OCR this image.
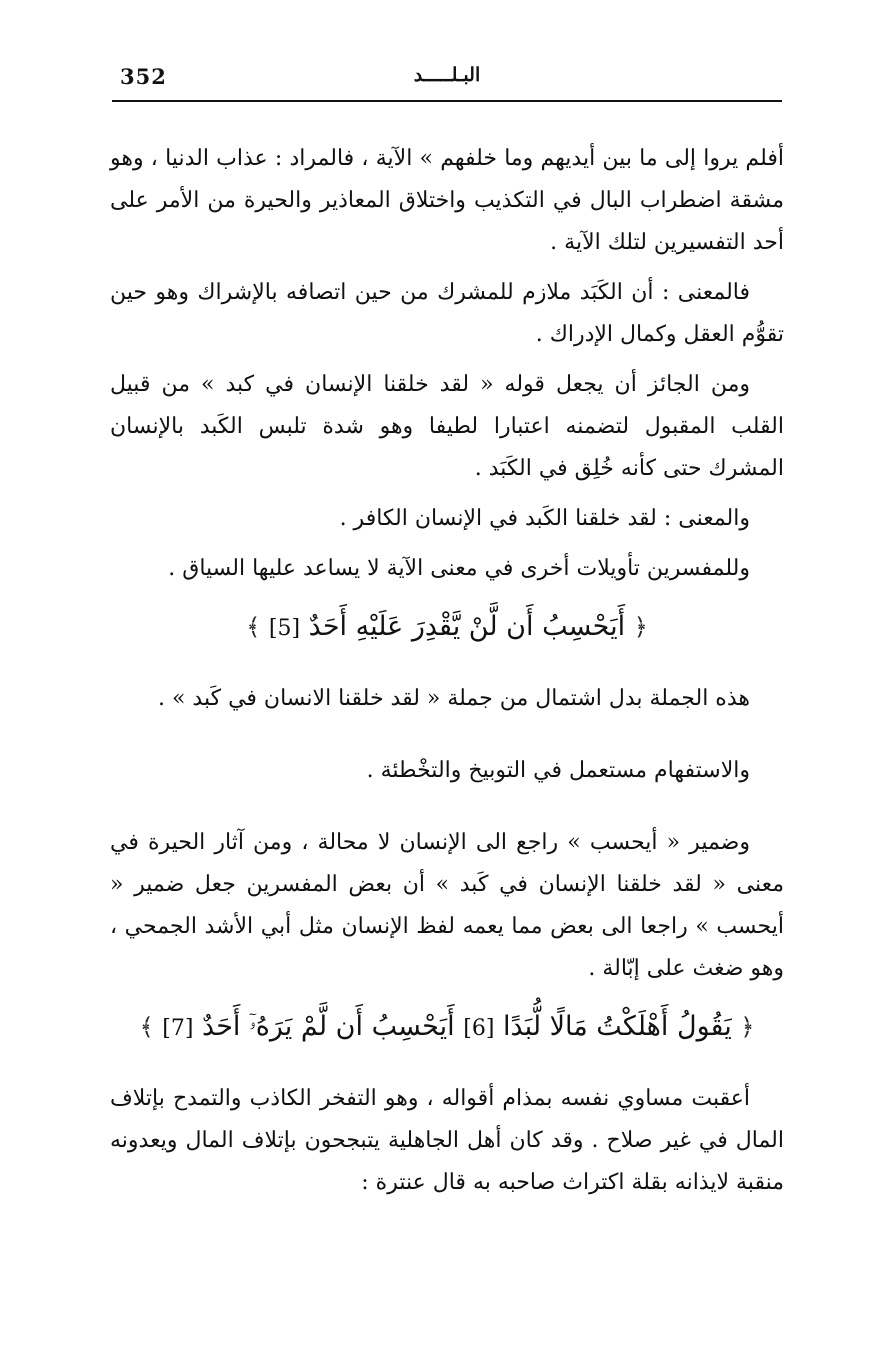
352	البـلـــــد

أفلم يروا إلى ما بين أيديهم وما خلفهم » الآية ، فالمراد : عذاب الدنيا ، وهو مشقة اضطراب البال في التكذيب واختلاق المعاذير والحيرة من الأمر على أحد التفسيرين لتلك الآية .

فالمعنى : أن الكَبَد ملازم للمشرك من حين اتصافه بالإشراك وهو حين تقوُّم العقل وكمال الإدراك .

ومن الجائز أن يجعل قوله « لقد خلقنا الإنسان في كبد » من قبيل القلب المقبول لتضمنه اعتبارا لطيفا وهو شدة تلبس الكَبد بالإنسان المشرك حتى كأنه خُلِق في الكَبَد .

والمعنى : لقد خلقنا الكَبد في الإنسان الكافر .

وللمفسرين تأويلات أخرى في معنى الآية لا يساعد عليها السياق .

﴿ أَيَحْسِبُ أَن لَّنْ يَّقْدِرَ عَلَيْهِ أَحَدٌ [5] ﴾

هذه الجملة بدل اشتمال من جملة « لقد خلقنا الانسان في كَبد » .

والاستفهام مستعمل في التوبيخ والتخْطئة .

وضمير « أيحسب » راجع الى الإنسان لا محالة ، ومن آثار الحيرة في معنى « لقد خلقنا الإنسان في كَبد » أن بعض المفسرين جعل ضمير « أيحسب » راجعا الى بعض مما يعمه لفظ الإنسان مثل أبي الأشد الجمحي ، وهو ضغث على إبّالة .

﴿ يَقُولُ أَهْلَكْتُ مَالًا لُّبَدًا [6] أَيَحْسِبُ أَن لَّمْ يَرَهُۥٓ أَحَدٌ [7] ﴾

أعقبت مساوي نفسه بمذام أقواله ، وهو التفخر الكاذب والتمدح بإتلاف المال في غير صلاح . وقد كان أهل الجاهلية يتبجحون بإتلاف المال ويعدونه منقبة لايذانه بقلة اكتراث صاحبه به قال عنترة :
